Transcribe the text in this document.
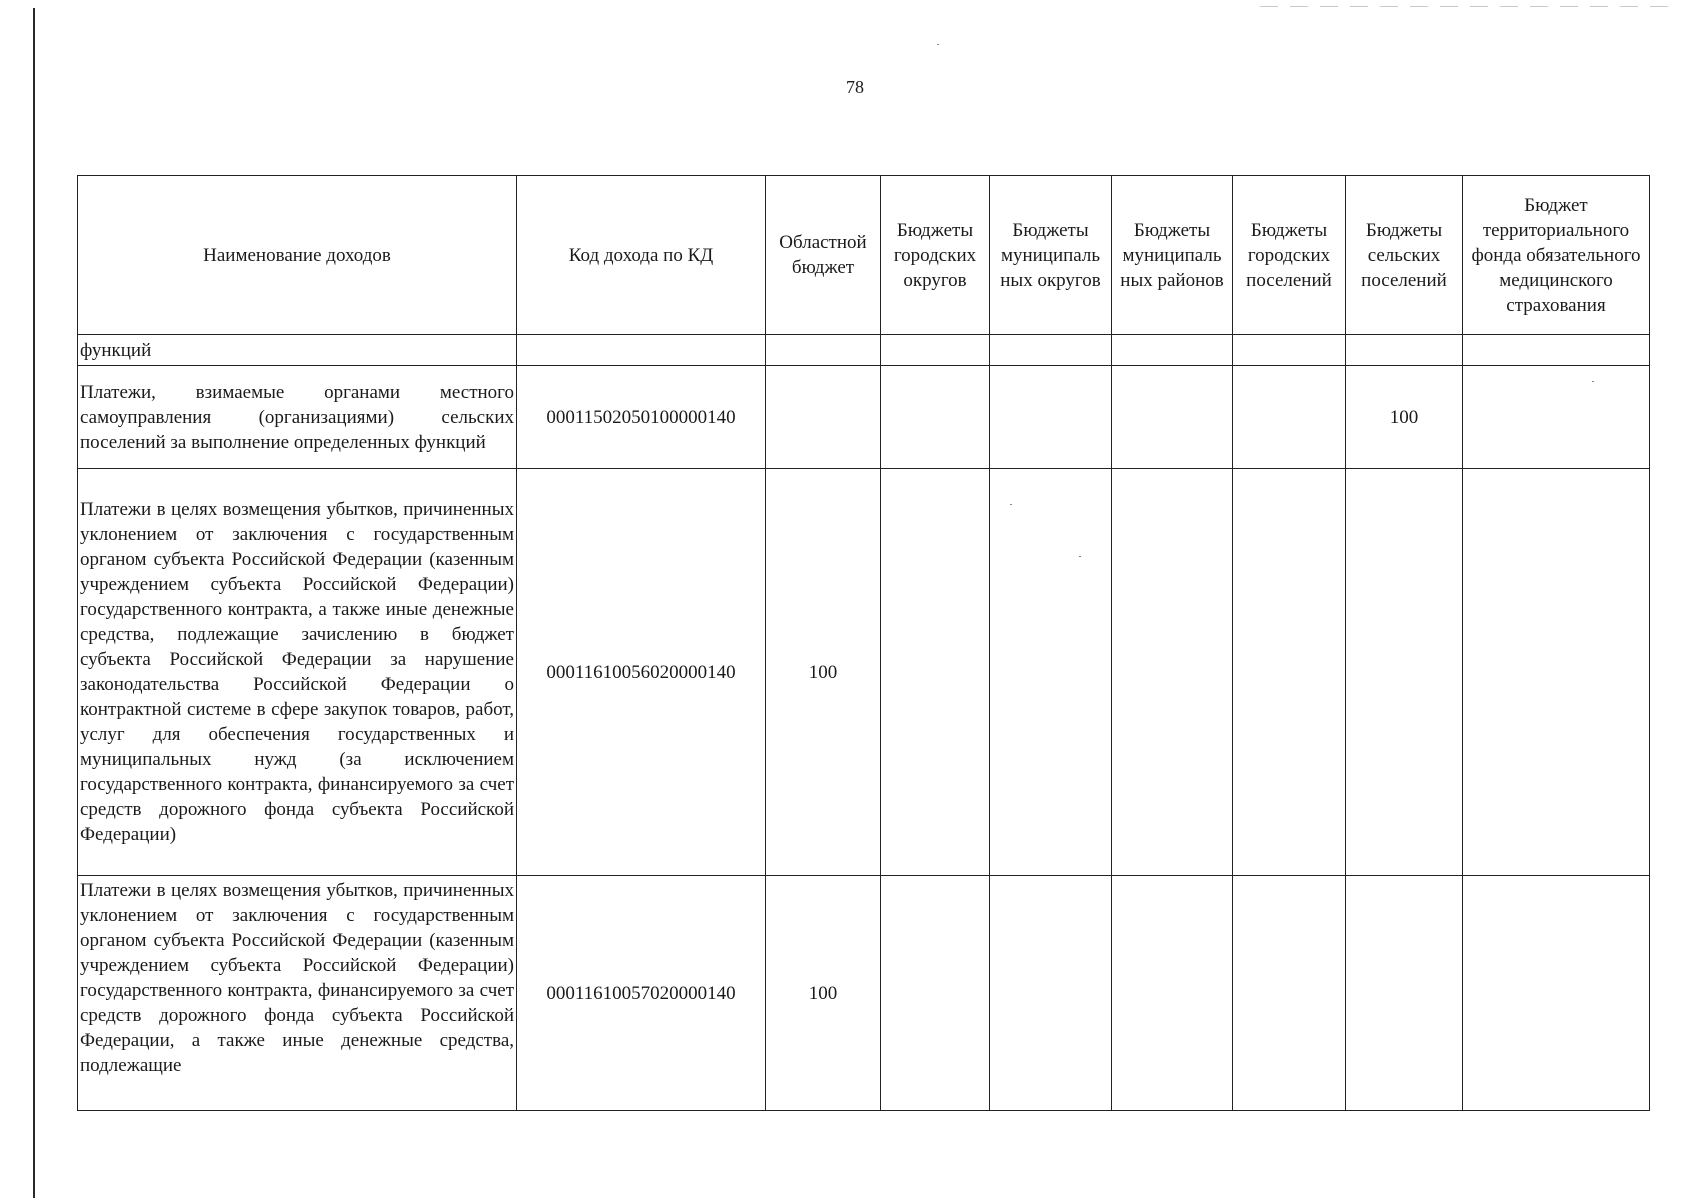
78
Наименование доходов	Код дохода по КД	Областной бюджет	Бюджеты городских округов	Бюджеты муниципаль ных округов	Бюджеты муниципаль ных районов	Бюджеты городских поселений	Бюджеты сельских поселений	Бюджет территориального фонда обязательного медицинского страхования
функций								
Платежи, взимаемые органами местного самоуправления (организациями) сельских поселений за выполнение определенных функций	00011502050100000140						100	
Платежи в целях возмещения убытков, причиненных уклонением от заключения с государственным органом субъекта Российской Федерации (казенным учреждением субъекта Российской Федерации) государственного контракта, а также иные денежные средства, подлежащие зачислению в бюджет субъекта Российской Федерации за нарушение законодательства Российской Федерации о контрактной системе в сфере закупок товаров, работ, услуг для обеспечения государственных и муниципальных нужд (за исключением государственного контракта, финансируемого за счет средств дорожного фонда субъекта Российской Федерации)	00011610056020000140	100						
Платежи в целях возмещения убытков, причиненных уклонением от заключения с государственным органом субъекта Российской Федерации (казенным учреждением субъекта Российской Федерации) государственного контракта, финансируемого за счет средств дорожного фонда субъекта Российской Федерации, а также иные денежные средства, подлежащие	00011610057020000140	100						
